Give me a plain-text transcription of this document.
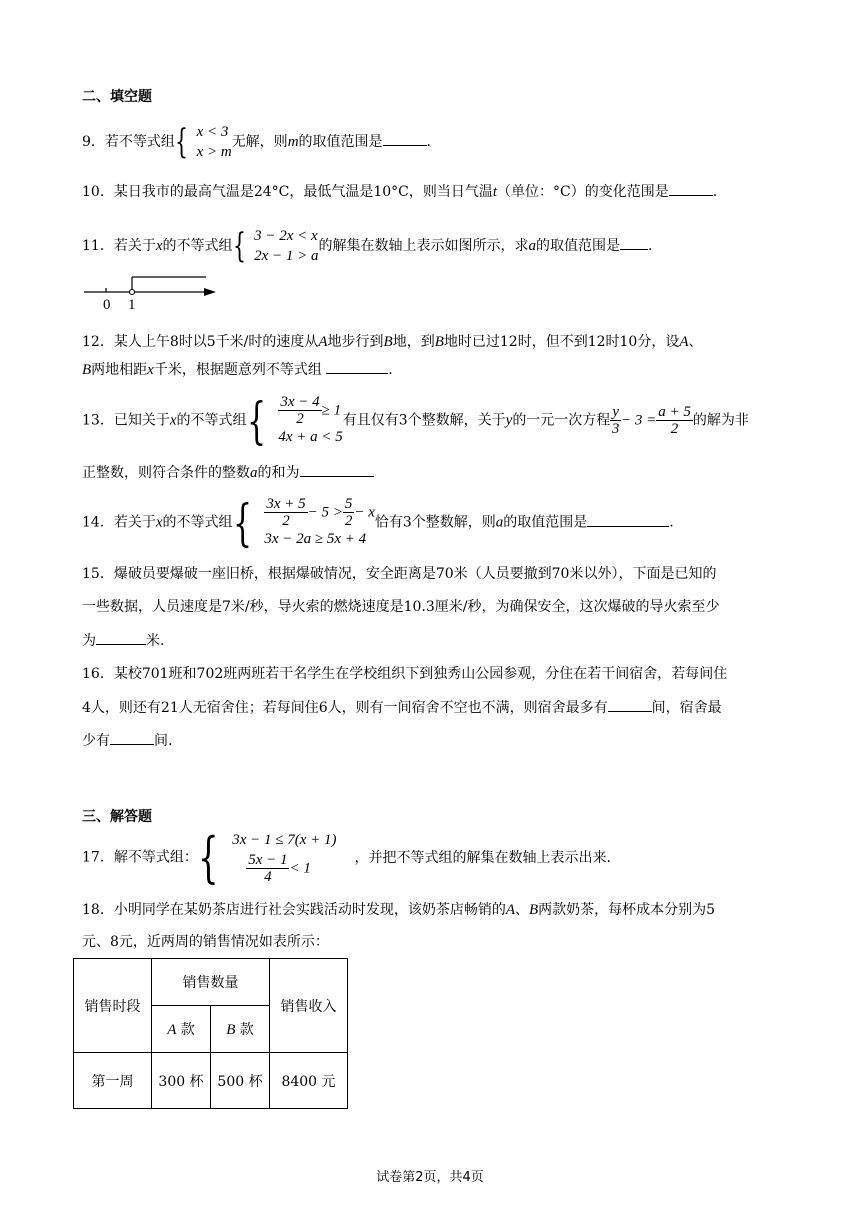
二、填空题
9．若不等式组 { x < 3
x > m
无解，则m的取值范围是	.
10．某日我市的最高气温是24°C，最低气温是10°C，则当日气温t（单位：°C）的变化范围是	.
11．若关于x的不等式组 { 3 − 2x < x
2x − 1 > a
的解集在数轴上表示如图所示，求a的取值范围是 .
0 1
12．某人上午8时以5千米/时的速度从A地步行到B地，到B地时已过12时，但不到12时10分，设A、
B两地相距x千米，根据题意列不等式组	.
13．已知关于x的不等式组 { $\frac{3x - 4}{2} \ge 1$
4x + a < 5
有且仅有3个整数解，关于y的一元一次方程 $\frac{y}{3} - 3 = \frac{a + 5}{2}$ 的解为非
正整数，则符合条件的整数a的和为
14．若关于x的不等式组 { $\frac{3x + 5}{2} - 5 > \frac{5}{2} - x$
3x − 2a ≥ 5x + 4
恰有3个整数解，则a的取值范围是	.
15．爆破员要爆破一座旧桥，根据爆破情况，安全距离是70米（人员要撤到70米以外），下面是已知的
一些数据，人员速度是7米/秒，导火索的燃烧速度是10.3厘米/秒，为确保安全，这次爆破的导火索至少
为	米.
16．某校701班和702班两班若干名学生在学校组织下到独秀山公园参观，分住在若干间宿舍，若每间住
4人，则还有21人无宿舍住；若每间住6人，则有一间宿舍不空也不满，则宿舍最多有	间，宿舍最
少有	间.
三、解答题
17．解不等式组： { 3x − 1 ≤ 7(x + 1)
$\frac{5x - 1}{4} < 1$
，并把不等式组的解集在数轴上表示出来.
18．小明同学在某奶茶店进行社会实践活动时发现，该奶茶店畅销的A、B两款奶茶，每杯成本分别为5
元、8元，近两周的销售情况如表所示：
销售时段	销售数量		销售收入
	A 款	B 款	
第一周	300 杯	500 杯	8400 元
试卷第2页，共4页
